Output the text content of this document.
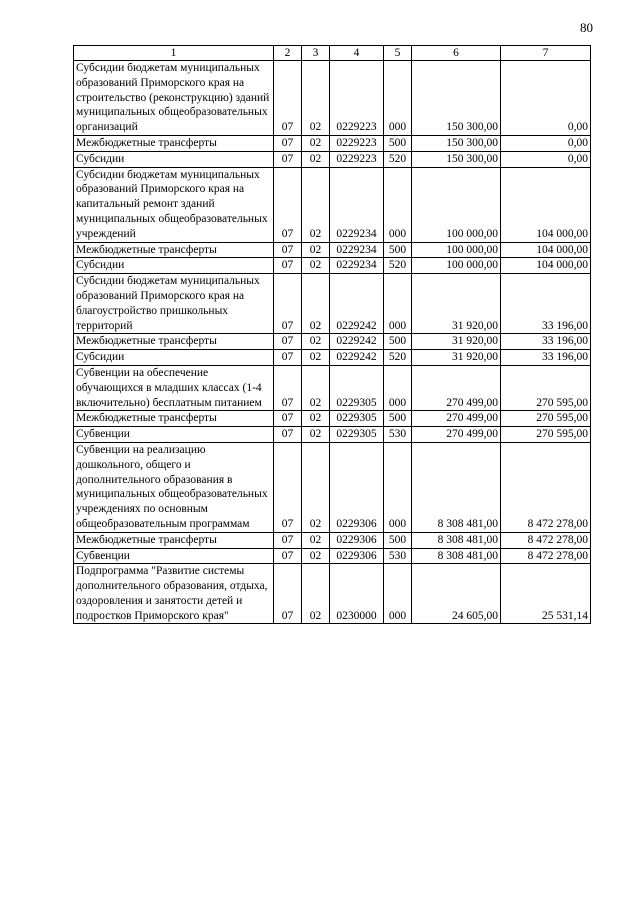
80
1	2	3	4	5	6	7
Субсидии бюджетам муниципальных образований Приморского края на строительство (реконструкцию) зданий муниципальных общеобразовательных организаций	07	02	0229223	000	150 300,00	0,00
Межбюджетные трансферты	07	02	0229223	500	150 300,00	0,00
Субсидии	07	02	0229223	520	150 300,00	0,00
Субсидии бюджетам муниципальных образований Приморского края на капитальный ремонт зданий муниципальных общеобразовательных учреждений	07	02	0229234	000	100 000,00	104 000,00
Межбюджетные трансферты	07	02	0229234	500	100 000,00	104 000,00
Субсидии	07	02	0229234	520	100 000,00	104 000,00
Субсидии бюджетам муниципальных образований Приморского края на благоустройство пришкольных территорий	07	02	0229242	000	31 920,00	33 196,00
Межбюджетные трансферты	07	02	0229242	500	31 920,00	33 196,00
Субсидии	07	02	0229242	520	31 920,00	33 196,00
Субвенции на обеспечение обучающихся в младших классах (1-4 включительно) бесплатным питанием	07	02	0229305	000	270 499,00	270 595,00
Межбюджетные трансферты	07	02	0229305	500	270 499,00	270 595,00
Субвенции	07	02	0229305	530	270 499,00	270 595,00
Субвенции на реализацию дошкольного, общего и дополнительного образования в муниципальных общеобразовательных учреждениях по основным общеобразовательным программам	07	02	0229306	000	8 308 481,00	8 472 278,00
Межбюджетные трансферты	07	02	0229306	500	8 308 481,00	8 472 278,00
Субвенции	07	02	0229306	530	8 308 481,00	8 472 278,00
Подпрограмма "Развитие системы дополнительного образования, отдыха, оздоровления и занятости детей и подростков Приморского края"	07	02	0230000	000	24 605,00	25 531,14
